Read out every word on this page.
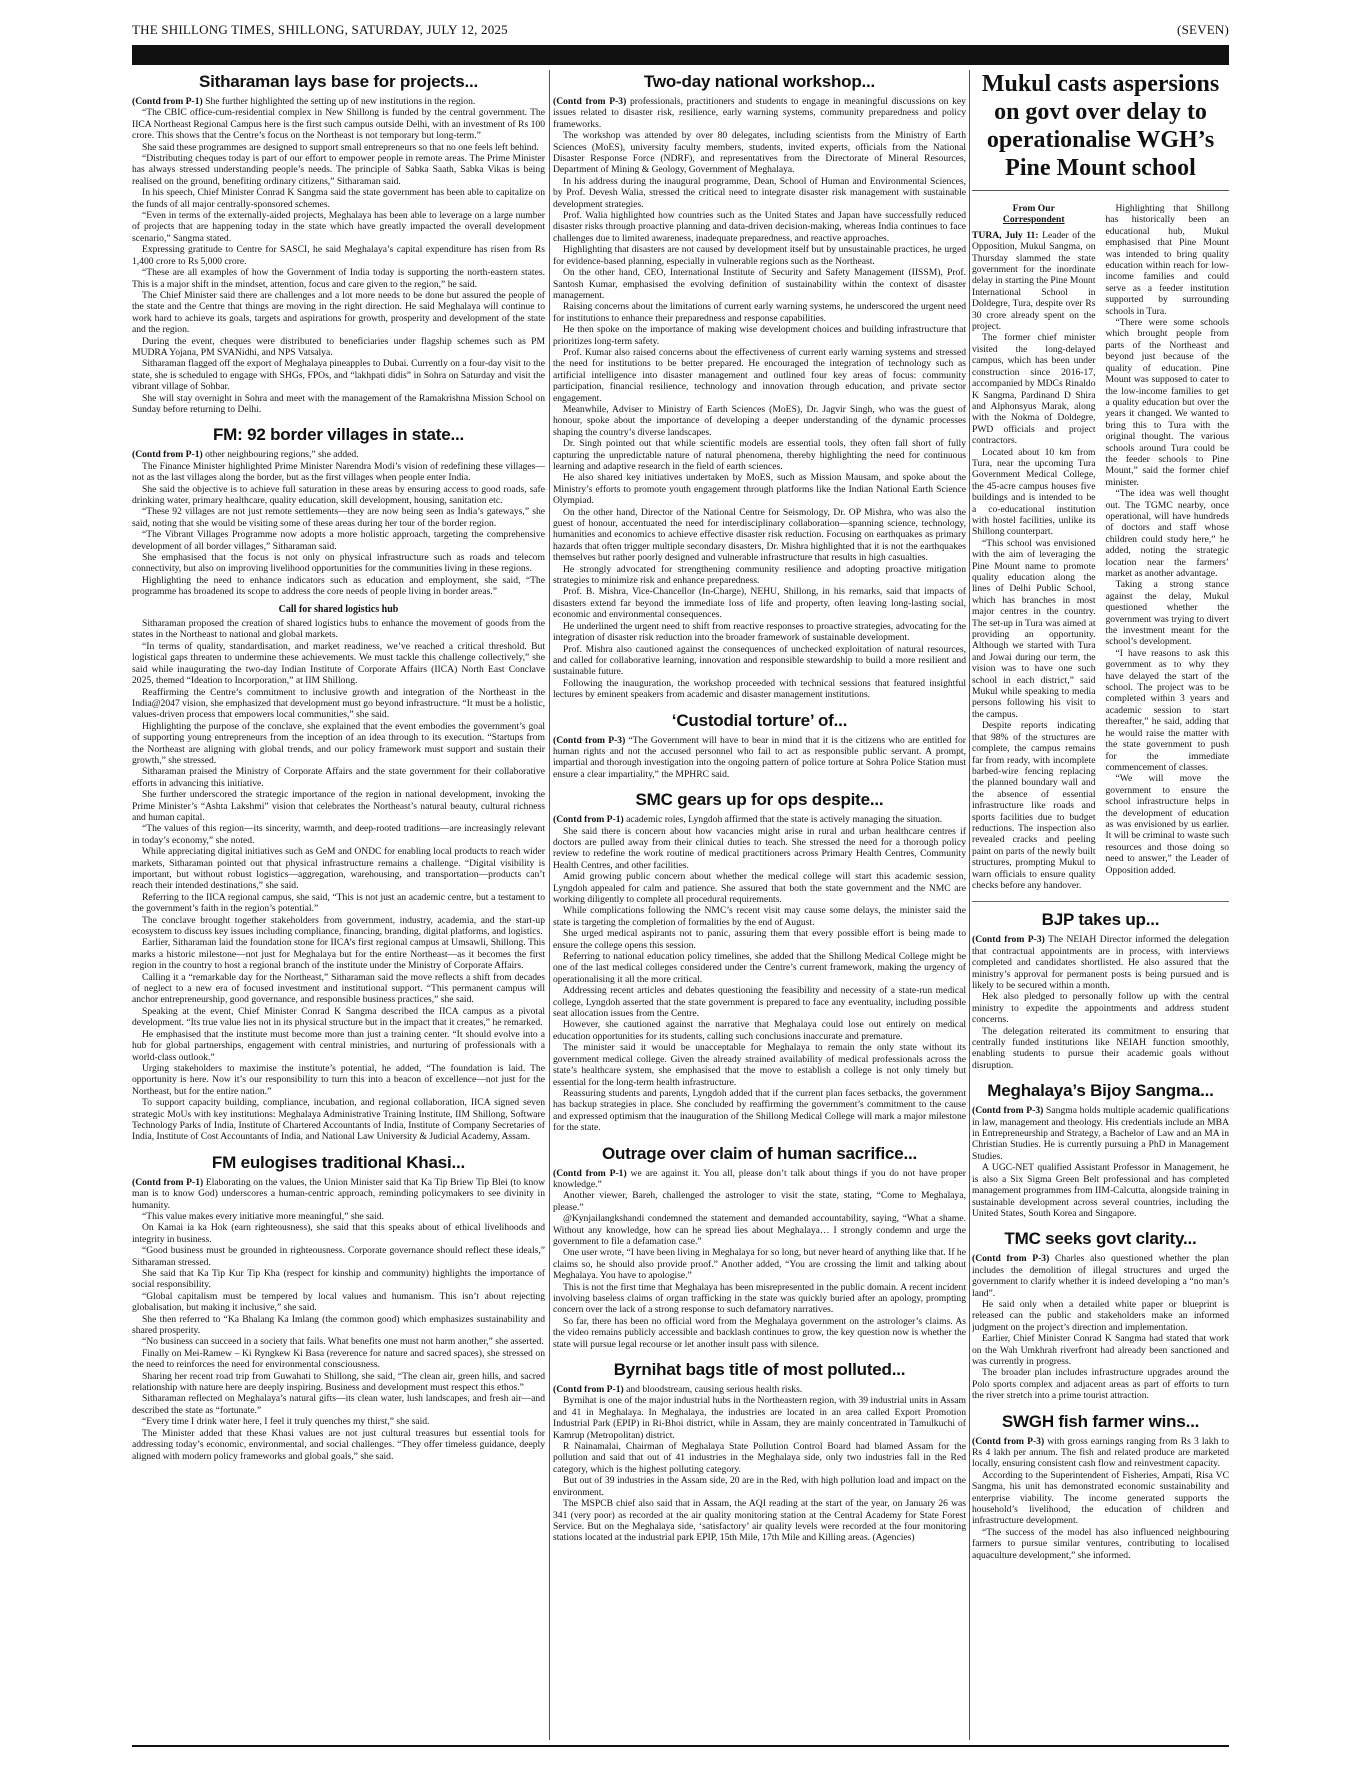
THE SHILLONG TIMES, SHILLONG, SATURDAY, JULY 12, 2025	(SEVEN)
Sitharaman lays base for projects...

(Contd from P-1) She further highlighted the setting up of new institutions in the region.

“The CBIC office-cum-residential complex in New Shillong is funded by the central government. The IICA Northeast Regional Campus here is the first such campus outside Delhi, with an investment of Rs 100 crore. This shows that the Centre’s focus on the Northeast is not temporary but long-term.”

She said these programmes are designed to support small entrepreneurs so that no one feels left behind.

“Distributing cheques today is part of our effort to empower people in remote areas. The Prime Minister has always stressed understanding people’s needs. The principle of Sabka Saath, Sabka Vikas is being realised on the ground, benefiting ordinary citizens,” Sitharaman said.

In his speech, Chief Minister Conrad K Sangma said the state government has been able to capitalize on the funds of all major centrally-sponsored schemes.

“Even in terms of the externally-aided projects, Meghalaya has been able to leverage on a large number of projects that are happening today in the state which have greatly impacted the overall development scenario,” Sangma stated.

Expressing gratitude to Centre for SASCI, he said Meghalaya’s capital expenditure has risen from Rs 1,400 crore to Rs 5,000 crore.

“These are all examples of how the Government of India today is supporting the north-eastern states. This is a major shift in the mindset, attention, focus and care given to the region,” he said.

The Chief Minister said there are challenges and a lot more needs to be done but assured the people of the state and the Centre that things are moving in the right direction. He said Meghalaya will continue to work hard to achieve its goals, targets and aspirations for growth, prosperity and development of the state and the region.

During the event, cheques were distributed to beneficiaries under flagship schemes such as PM MUDRA Yojana, PM SVANidhi, and NPS Vatsalya.

Sitharaman flagged off the export of Meghalaya pineapples to Dubai. Currently on a four-day visit to the state, she is scheduled to engage with SHGs, FPOs, and “lakhpati didis” in Sohra on Saturday and visit the vibrant village of Sohbar.

She will stay overnight in Sohra and meet with the management of the Ramakrishna Mission School on Sunday before returning to Delhi.

FM: 92 border villages in state...

(Contd from P-1) other neighbouring regions,” she added.

The Finance Minister highlighted Prime Minister Narendra Modi’s vision of redefining these villages—not as the last villages along the border, but as the first villages when people enter India.

She said the objective is to achieve full saturation in these areas by ensuring access to good roads, safe drinking water, primary healthcare, quality education, skill development, housing, sanitation etc.

“These 92 villages are not just remote settlements—they are now being seen as India’s gateways,” she said, noting that she would be visiting some of these areas during her tour of the border region.

“The Vibrant Villages Programme now adopts a more holistic approach, targeting the comprehensive development of all border villages,” Sitharaman said.

She emphasised that the focus is not only on physical infrastructure such as roads and telecom connectivity, but also on improving livelihood opportunities for the communities living in these regions.

Highlighting the need to enhance indicators such as education and employment, she said, “The programme has broadened its scope to address the core needs of people living in border areas.”

Call for shared logistics hub

Sitharaman proposed the creation of shared logistics hubs to enhance the movement of goods from the states in the Northeast to national and global markets.

“In terms of quality, standardisation, and market readiness, we’ve reached a critical threshold. But logistical gaps threaten to undermine these achievements. We must tackle this challenge collectively,” she said while inaugurating the two-day Indian Institute of Corporate Affairs (IICA) North East Conclave 2025, themed “Ideation to Incorporation,” at IIM Shillong.

Reaffirming the Centre’s commitment to inclusive growth and integration of the Northeast in the India@2047 vision, she emphasized that development must go beyond infrastructure. “It must be a holistic, values-driven process that empowers local communities,” she said.

Highlighting the purpose of the conclave, she explained that the event embodies the government’s goal of supporting young entrepreneurs from the inception of an idea through to its execution. “Startups from the Northeast are aligning with global trends, and our policy framework must support and sustain their growth,” she stressed.

Sitharaman praised the Ministry of Corporate Affairs and the state government for their collaborative efforts in advancing this initiative.

She further underscored the strategic importance of the region in national development, invoking the Prime Minister’s “Ashta Lakshmi” vision that celebrates the Northeast’s natural beauty, cultural richness and human capital.

“The values of this region—its sincerity, warmth, and deep-rooted traditions—are increasingly relevant in today’s economy,” she noted.

While appreciating digital initiatives such as GeM and ONDC for enabling local products to reach wider markets, Sitharaman pointed out that physical infrastructure remains a challenge. “Digital visibility is important, but without robust logistics—aggregation, warehousing, and transportation—products can’t reach their intended destinations,” she said.

Referring to the IICA regional campus, she said, “This is not just an academic centre, but a testament to the government’s faith in the region’s potential.”

The conclave brought together stakeholders from government, industry, academia, and the start-up ecosystem to discuss key issues including compliance, financing, branding, digital platforms, and logistics.

Earlier, Sitharaman laid the foundation stone for IICA’s first regional campus at Umsawli, Shillong. This marks a historic milestone—not just for Meghalaya but for the entire Northeast—as it becomes the first region in the country to host a regional branch of the institute under the Ministry of Corporate Affairs.

Calling it a “remarkable day for the Northeast,” Sitharaman said the move reflects a shift from decades of neglect to a new era of focused investment and institutional support. “This permanent campus will anchor entrepreneurship, good governance, and responsible business practices,” she said.

Speaking at the event, Chief Minister Conrad K Sangma described the IICA campus as a pivotal development. “Its true value lies not in its physical structure but in the impact that it creates,” he remarked.

He emphasised that the institute must become more than just a training center. “It should evolve into a hub for global partnerships, engagement with central ministries, and nurturing of professionals with a world-class outlook.”

Urging stakeholders to maximise the institute’s potential, he added, “The foundation is laid. The opportunity is here. Now it’s our responsibility to turn this into a beacon of excellence—not just for the Northeast, but for the entire nation.”

To support capacity building, compliance, incubation, and regional collaboration, IICA signed seven strategic MoUs with key institutions: Meghalaya Administrative Training Institute, IIM Shillong, Software Technology Parks of India, Institute of Chartered Accountants of India, Institute of Company Secretaries of India, Institute of Cost Accountants of India, and National Law University & Judicial Academy, Assam.

FM eulogises traditional Khasi...

(Contd from P-1) Elaborating on the values, the Union Minister said that Ka Tip Briew Tip Blei (to know man is to know God) underscores a human-centric approach, reminding policymakers to see divinity in humanity.

“This value makes every initiative more meaningful,” she said.

On Kamai ia ka Hok (earn righteousness), she said that this speaks about of ethical livelihoods and integrity in business.

“Good business must be grounded in righteousness. Corporate governance should reflect these ideals,” Sitharaman stressed.

She said that Ka Tip Kur Tip Kha (respect for kinship and community) highlights the importance of social responsibility.

“Global capitalism must be tempered by local values and humanism. This isn’t about rejecting globalisation, but making it inclusive,” she said.

She then referred to “Ka Bhalang Ka Imlang (the common good) which emphasizes sustainability and shared prosperity.

“No business can succeed in a society that fails. What benefits one must not harm another,” she asserted.

Finally on Mei-Ramew – Ki Ryngkew Ki Basa (reverence for nature and sacred spaces), she stressed on the need to reinforces the need for environmental consciousness.

Sharing her recent road trip from Guwahati to Shillong, she said, “The clean air, green hills, and sacred relationship with nature here are deeply inspiring. Business and development must respect this ethos.”

Sitharaman reflected on Meghalaya’s natural gifts—its clean water, lush landscapes, and fresh air—and described the state as “fortunate.”

“Every time I drink water here, I feel it truly quenches my thirst,” she said.

The Minister added that these Khasi values are not just cultural treasures but essential tools for addressing today’s economic, environmental, and social challenges. “They offer timeless guidance, deeply aligned with modern policy frameworks and global goals,” she said.

Two-day national workshop...

(Contd from P-3) professionals, practitioners and students to engage in meaningful discussions on key issues related to disaster risk, resilience, early warning systems, community preparedness and policy frameworks.

The workshop was attended by over 80 delegates, including scientists from the Ministry of Earth Sciences (MoES), university faculty members, students, invited experts, officials from the National Disaster Response Force (NDRF), and representatives from the Directorate of Mineral Resources, Department of Mining & Geology, Government of Meghalaya.

In his address during the inaugural programme, Dean, School of Human and Environmental Sciences, by Prof. Devesh Walia, stressed the critical need to integrate disaster risk management with sustainable development strategies.

Prof. Walia highlighted how countries such as the United States and Japan have successfully reduced disaster risks through proactive planning and data-driven decision-making, whereas India continues to face challenges due to limited awareness, inadequate preparedness, and reactive approaches.

Highlighting that disasters are not caused by development itself but by unsustainable practices, he urged for evidence-based planning, especially in vulnerable regions such as the Northeast.

On the other hand, CEO, International Institute of Security and Safety Management (IISSM), Prof. Santosh Kumar, emphasised the evolving definition of sustainability within the context of disaster management.

Raising concerns about the limitations of current early warning systems, he underscored the urgent need for institutions to enhance their preparedness and response capabilities.

He then spoke on the importance of making wise development choices and building infrastructure that prioritizes long-term safety.

Prof. Kumar also raised concerns about the effectiveness of current early warning systems and stressed the need for institutions to be better prepared. He encouraged the integration of technology such as artificial intelligence into disaster management and outlined four key areas of focus: community participation, financial resilience, technology and innovation through education, and private sector engagement.

Meanwhile, Adviser to Ministry of Earth Sciences (MoES), Dr. Jagvir Singh, who was the guest of honour, spoke about the importance of developing a deeper understanding of the dynamic processes shaping the country’s diverse landscapes.

Dr. Singh pointed out that while scientific models are essential tools, they often fall short of fully capturing the unpredictable nature of natural phenomena, thereby highlighting the need for continuous learning and adaptive research in the field of earth sciences.

He also shared key initiatives undertaken by MoES, such as Mission Mausam, and spoke about the Ministry’s efforts to promote youth engagement through platforms like the Indian National Earth Science Olympiad.

On the other hand, Director of the National Centre for Seismology, Dr. OP Mishra, who was also the guest of honour, accentuated the need for interdisciplinary collaboration—spanning science, technology, humanities and economics to achieve effective disaster risk reduction. Focusing on earthquakes as primary hazards that often trigger multiple secondary disasters, Dr. Mishra highlighted that it is not the earthquakes themselves but rather poorly designed and vulnerable infrastructure that results in high casualties.

He strongly advocated for strengthening community resilience and adopting proactive mitigation strategies to minimize risk and enhance preparedness.

Prof. B. Mishra, Vice-Chancellor (In-Charge), NEHU, Shillong, in his remarks, said that impacts of disasters extend far beyond the immediate loss of life and property, often leaving long-lasting social, economic and environmental consequences.

He underlined the urgent need to shift from reactive responses to proactive strategies, advocating for the integration of disaster risk reduction into the broader framework of sustainable development.

Prof. Mishra also cautioned against the consequences of unchecked exploitation of natural resources, and called for collaborative learning, innovation and responsible stewardship to build a more resilient and sustainable future.

Following the inauguration, the workshop proceeded with technical sessions that featured insightful lectures by eminent speakers from academic and disaster management institutions.

‘Custodial torture’ of...

(Contd from P-3) “The Government will have to bear in mind that it is the citizens who are entitled for human rights and not the accused personnel who fail to act as responsible public servant. A prompt, impartial and thorough investigation into the ongoing pattern of police torture at Sohra Police Station must ensure a clear impartiality,” the MPHRC said.

SMC gears up for ops despite...

(Contd from P-1) academic roles, Lyngdoh affirmed that the state is actively managing the situation.

She said there is concern about how vacancies might arise in rural and urban healthcare centres if doctors are pulled away from their clinical duties to teach. She stressed the need for a thorough policy review to redefine the work routine of medical practitioners across Primary Health Centres, Community Health Centres, and other facilities.

Amid growing public concern about whether the medical college will start this academic session, Lyngdoh appealed for calm and patience. She assured that both the state government and the NMC are working diligently to complete all procedural requirements.

While complications following the NMC’s recent visit may cause some delays, the minister said the state is targeting the completion of formalities by the end of August.

She urged medical aspirants not to panic, assuring them that every possible effort is being made to ensure the college opens this session.

Referring to national education policy timelines, she added that the Shillong Medical College might be one of the last medical colleges considered under the Centre’s current framework, making the urgency of operationalising it all the more critical.

Addressing recent articles and debates questioning the feasibility and necessity of a state-run medical college, Lyngdoh asserted that the state government is prepared to face any eventuality, including possible seat allocation issues from the Centre.

However, she cautioned against the narrative that Meghalaya could lose out entirely on medical education opportunities for its students, calling such conclusions inaccurate and premature.

The minister said it would be unacceptable for Meghalaya to remain the only state without its government medical college. Given the already strained availability of medical professionals across the state’s healthcare system, she emphasised that the move to establish a college is not only timely but essential for the long-term health infrastructure.

Reassuring students and parents, Lyngdoh added that if the current plan faces setbacks, the government has backup strategies in place. She concluded by reaffirming the government’s commitment to the cause and expressed optimism that the inauguration of the Shillong Medical College will mark a major milestone for the state.

Outrage over claim of human sacrifice...

(Contd from P-1) we are against it. You all, please don’t talk about things if you do not have proper knowledge.”

Another viewer, Bareh, challenged the astrologer to visit the state, stating, “Come to Meghalaya, please.”

@Kynjailangkshandi condemned the statement and demanded accountability, saying, “What a shame. Without any knowledge, how can he spread lies about Meghalaya… I strongly condemn and urge the government to file a defamation case.”

One user wrote, “I have been living in Meghalaya for so long, but never heard of anything like that. If he claims so, he should also provide proof.” Another added, “You are crossing the limit and talking about Meghalaya. You have to apologise.”

This is not the first time that Meghalaya has been misrepresented in the public domain. A recent incident involving baseless claims of organ trafficking in the state was quickly buried after an apology, prompting concern over the lack of a strong response to such defamatory narratives.

So far, there has been no official word from the Meghalaya government on the astrologer’s claims. As the video remains publicly accessible and backlash continues to grow, the key question now is whether the state will pursue legal recourse or let another insult pass with silence.

Byrnihat bags title of most polluted...

(Contd from P-1) and bloodstream, causing serious health risks.

Byrnihat is one of the major industrial hubs in the Northeastern region, with 39 industrial units in Assam and 41 in Meghalaya. In Meghalaya, the industries are located in an area called Export Promotion Industrial Park (EPIP) in Ri-Bhoi district, while in Assam, they are mainly concentrated in Tamulkuchi of Kamrup (Metropolitan) district.

R Nainamalai, Chairman of Meghalaya State Pollution Control Board had blamed Assam for the pollution and said that out of 41 industries in the Meghalaya side, only two industries fall in the Red category, which is the highest polluting category.

But out of 39 industries in the Assam side, 20 are in the Red, with high pollution load and impact on the environment.

The MSPCB chief also said that in Assam, the AQI reading at the start of the year, on January 26 was 341 (very poor) as recorded at the air quality monitoring station at the Central Academy for State Forest Service. But on the Meghalaya side, ‘satisfactory’ air quality levels were recorded at the four monitoring stations located at the industrial park EPIP, 15th Mile, 17th Mile and Killing areas. (Agencies)

Mukul casts aspersions on govt over delay to operationalise WGH’s Pine Mount school
From Our
Correspondent

TURA, July 11: Leader of the Opposition, Mukul Sangma, on Thursday slammed the state government for the inordinate delay in starting the Pine Mount International School in Doldegre, Tura, despite over Rs 30 crore already spent on the project.

The former chief minister visited the long-delayed campus, which has been under construction since 2016-17, accompanied by MDCs Rinaldo K Sangma, Pardinand D Shira and Alphonsyus Marak, along with the Nokma of Doldegre, PWD officials and project contractors.

Located about 10 km from Tura, near the upcoming Tura Government Medical College, the 45-acre campus houses five buildings and is intended to be a co-educational institution with hostel facilities, unlike its Shillong counterpart.

“This school was envisioned with the aim of leveraging the Pine Mount name to promote quality education along the lines of Delhi Public School, which has branches in most major centres in the country. The set-up in Tura was aimed at providing an opportunity. Although we started with Tura and Jowai during our term, the vision was to have one such school in each district,” said Mukul while speaking to media persons following his visit to the campus.

Despite reports indicating that 98% of the structures are complete, the campus remains far from ready, with incomplete barbed-wire fencing replacing the planned boundary wall and the absence of essential infrastructure like roads and sports facilities due to budget reductions. The inspection also revealed cracks and peeling paint on parts of the newly built structures, prompting Mukul to warn officials to ensure quality checks before any handover.

Highlighting that Shillong has historically been an educational hub, Mukul emphasised that Pine Mount was intended to bring quality education within reach for low-income families and could serve as a feeder institution supported by surrounding schools in Tura.

“There were some schools which brought people from parts of the Northeast and beyond just because of the quality of education. Pine Mount was supposed to cater to the low-income families to get a quality education but over the years it changed. We wanted to bring this to Tura with the original thought. The various schools around Tura could be the feeder schools to Pine Mount,” said the former chief minister.

“The idea was well thought out. The TGMC nearby, once operational, will have hundreds of doctors and staff whose children could study here,” he added, noting the strategic location near the farmers’ market as another advantage.

Taking a strong stance against the delay, Mukul questioned whether the government was trying to divert the investment meant for the school’s development.

“I have reasons to ask this government as to why they have delayed the start of the school. The project was to be completed within 3 years and academic session to start thereafter,” he said, adding that he would raise the matter with the state government to push for the immediate commencement of classes.

“We will move the government to ensure the school infrastructure helps in the development of education as was envisioned by us earlier. It will be criminal to waste such resources and those doing so need to answer,” the Leader of Opposition added.

BJP takes up...

(Contd from P-3) The NEIAH Director informed the delegation that contractual appointments are in process, with interviews completed and candidates shortlisted. He also assured that the ministry’s approval for permanent posts is being pursued and is likely to be secured within a month.

Hek also pledged to personally follow up with the central ministry to expedite the appointments and address student concerns.

The delegation reiterated its commitment to ensuring that centrally funded institutions like NEIAH function smoothly, enabling students to pursue their academic goals without disruption.

Meghalaya’s Bijoy Sangma...

(Contd from P-3) Sangma holds multiple academic qualifications in law, management and theology. His credentials include an MBA in Entrepreneurship and Strategy, a Bachelor of Law and an MA in Christian Studies. He is currently pursuing a PhD in Management Studies.

A UGC-NET qualified Assistant Professor in Management, he is also a Six Sigma Green Belt professional and has completed management programmes from IIM-Calcutta, alongside training in sustainable development across several countries, including the United States, South Korea and Singapore.

TMC seeks govt clarity...

(Contd from P-3) Charles also questioned whether the plan includes the demolition of illegal structures and urged the government to clarify whether it is indeed developing a “no man’s land”.

He said only when a detailed white paper or blueprint is released can the public and stakeholders make an informed judgment on the project’s direction and implementation.

Earlier, Chief Minister Conrad K Sangma had stated that work on the Wah Umkhrah riverfront had already been sanctioned and was currently in progress.

The broader plan includes infrastructure upgrades around the Polo sports complex and adjacent areas as part of efforts to turn the river stretch into a prime tourist attraction.

SWGH fish farmer wins...

(Contd from P-3) with gross earnings ranging from Rs 3 lakh to Rs 4 lakh per annum. The fish and related produce are marketed locally, ensuring consistent cash flow and reinvestment capacity.

According to the Superintendent of Fisheries, Ampati, Risa VC Sangma, his unit has demonstrated economic sustainability and enterprise viability. The income generated supports the household’s livelihood, the education of children and infrastructure development.

“The success of the model has also influenced neighbouring farmers to pursue similar ventures, contributing to localised aquaculture development,” she informed.
